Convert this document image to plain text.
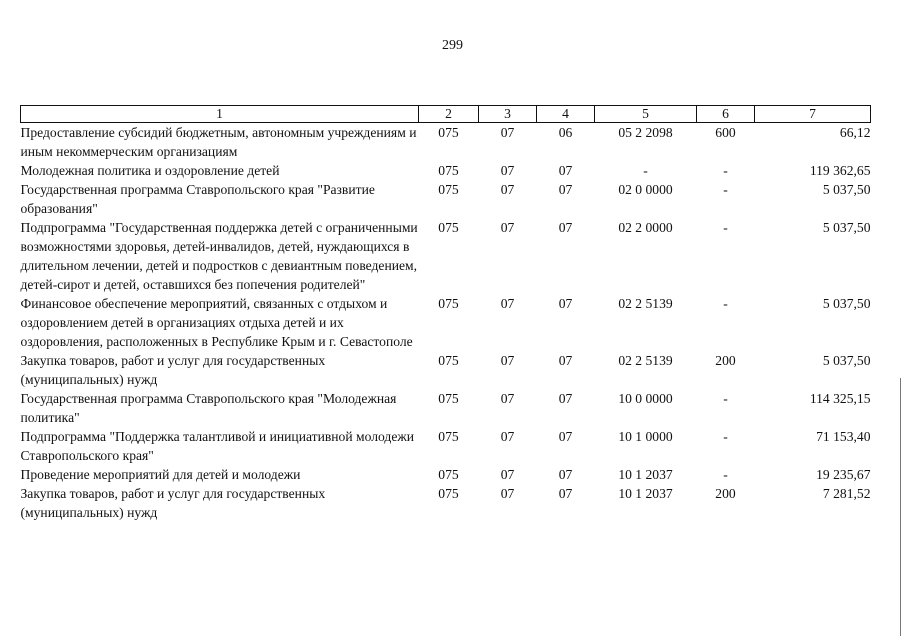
299
1	2	3	4	5	6	7
Предоставление субсидий бюджетным, автономным учреждениям и иным некоммерческим организациям	075	07	06	05 2 2098	600	66,12
Молодежная политика и оздоровление детей	075	07	07	-	-	119 362,65
Государственная программа Ставропольского края "Развитие образования"	075	07	07	02 0 0000	-	5 037,50
Подпрограмма "Государственная поддержка детей с ограниченными возможностями здоровья, детей-инвалидов, детей, нуждающихся в длительном лечении, детей и подростков с девиантным поведением, детей-сирот и детей, оставшихся без попечения родителей"	075	07	07	02 2 0000	-	5 037,50
Финансовое обеспечение мероприятий, связанных с отдыхом и оздоровлением детей в организациях отдыха детей и их оздоровления, расположенных в Республике Крым и г. Севастополе	075	07	07	02 2 5139	-	5 037,50
Закупка товаров, работ и услуг для государственных (муниципальных) нужд	075	07	07	02 2 5139	200	5 037,50
Государственная программа Ставропольского края "Молодежная политика"	075	07	07	10 0 0000	-	114 325,15
Подпрограмма "Поддержка талантливой и инициативной молодежи Ставропольского края"	075	07	07	10 1 0000	-	71 153,40
Проведение мероприятий для детей и молодежи	075	07	07	10 1 2037	-	19 235,67
Закупка товаров, работ и услуг для государственных (муниципальных) нужд	075	07	07	10 1 2037	200	7 281,52
